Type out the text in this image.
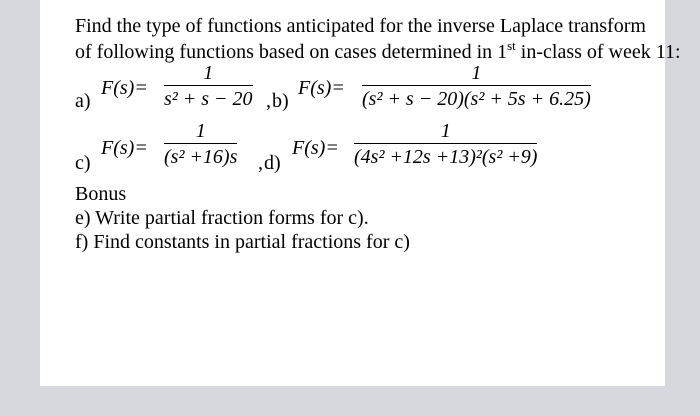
Find the type of functions anticipated for the inverse Laplace transform
of following functions based on cases determined in 1st in-class of week 11:
a)
F(s)=
1
s² + s − 20 , b)
F(s)=
1
(s² + s − 20)(s² + 5s + 6.25)
c)
F(s)=
1
(s² +16)s , d)
F(s)=
1
(4s² +12s +13)²(s² +9)
Bonus
e) Write partial fraction forms for c).
f) Find constants in partial fractions for c)
